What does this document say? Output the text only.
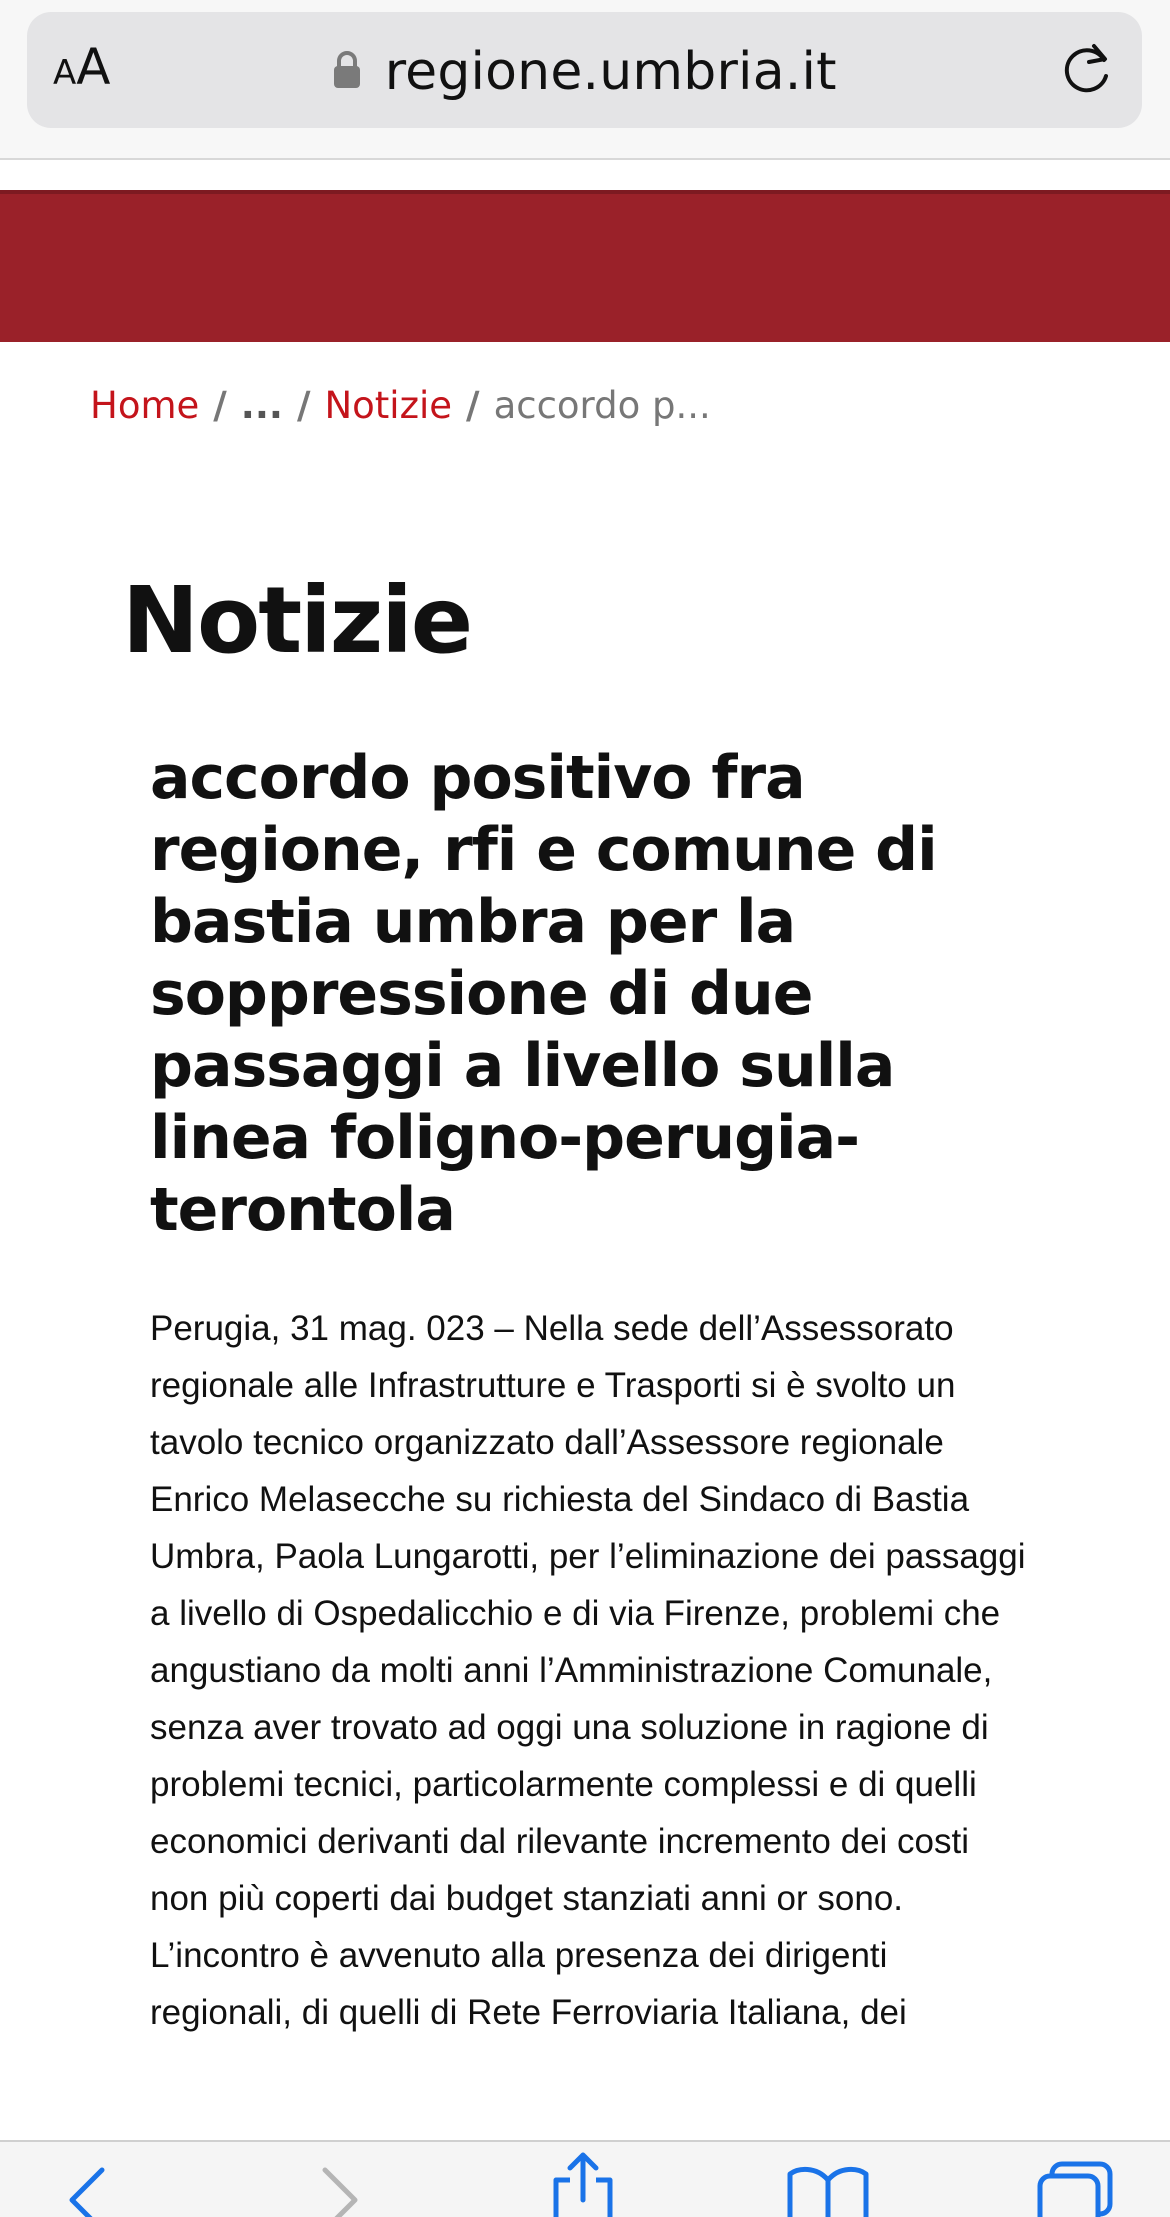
AA	regione.umbria.it
Home / ... / Notizie / accordo p...
Notizie
accordo positivo fra regione, rfi e comune di bastia umbra per la soppressione di due passaggi a livello sulla linea foligno-perugia-terontola

Perugia, 31 mag. 023 – Nella sede dell’Assessorato regionale alle Infrastrutture e Trasporti si è svolto un tavolo tecnico organizzato dall’Assessore regionale Enrico Melasecche su richiesta del Sindaco di Bastia Umbra, Paola Lungarotti, per l’eliminazione dei passaggi a livello di Ospedalicchio e di via Firenze, problemi che angustiano da molti anni l’Amministrazione Comunale, senza aver trovato ad oggi una soluzione in ragione di problemi tecnici, particolarmente complessi e di quelli economici derivanti dal rilevante incremento dei costi non più coperti dai budget stanziati anni or sono. L’incontro è avvenuto alla presenza dei dirigenti regionali, di quelli di Rete Ferroviaria Italiana, dei
